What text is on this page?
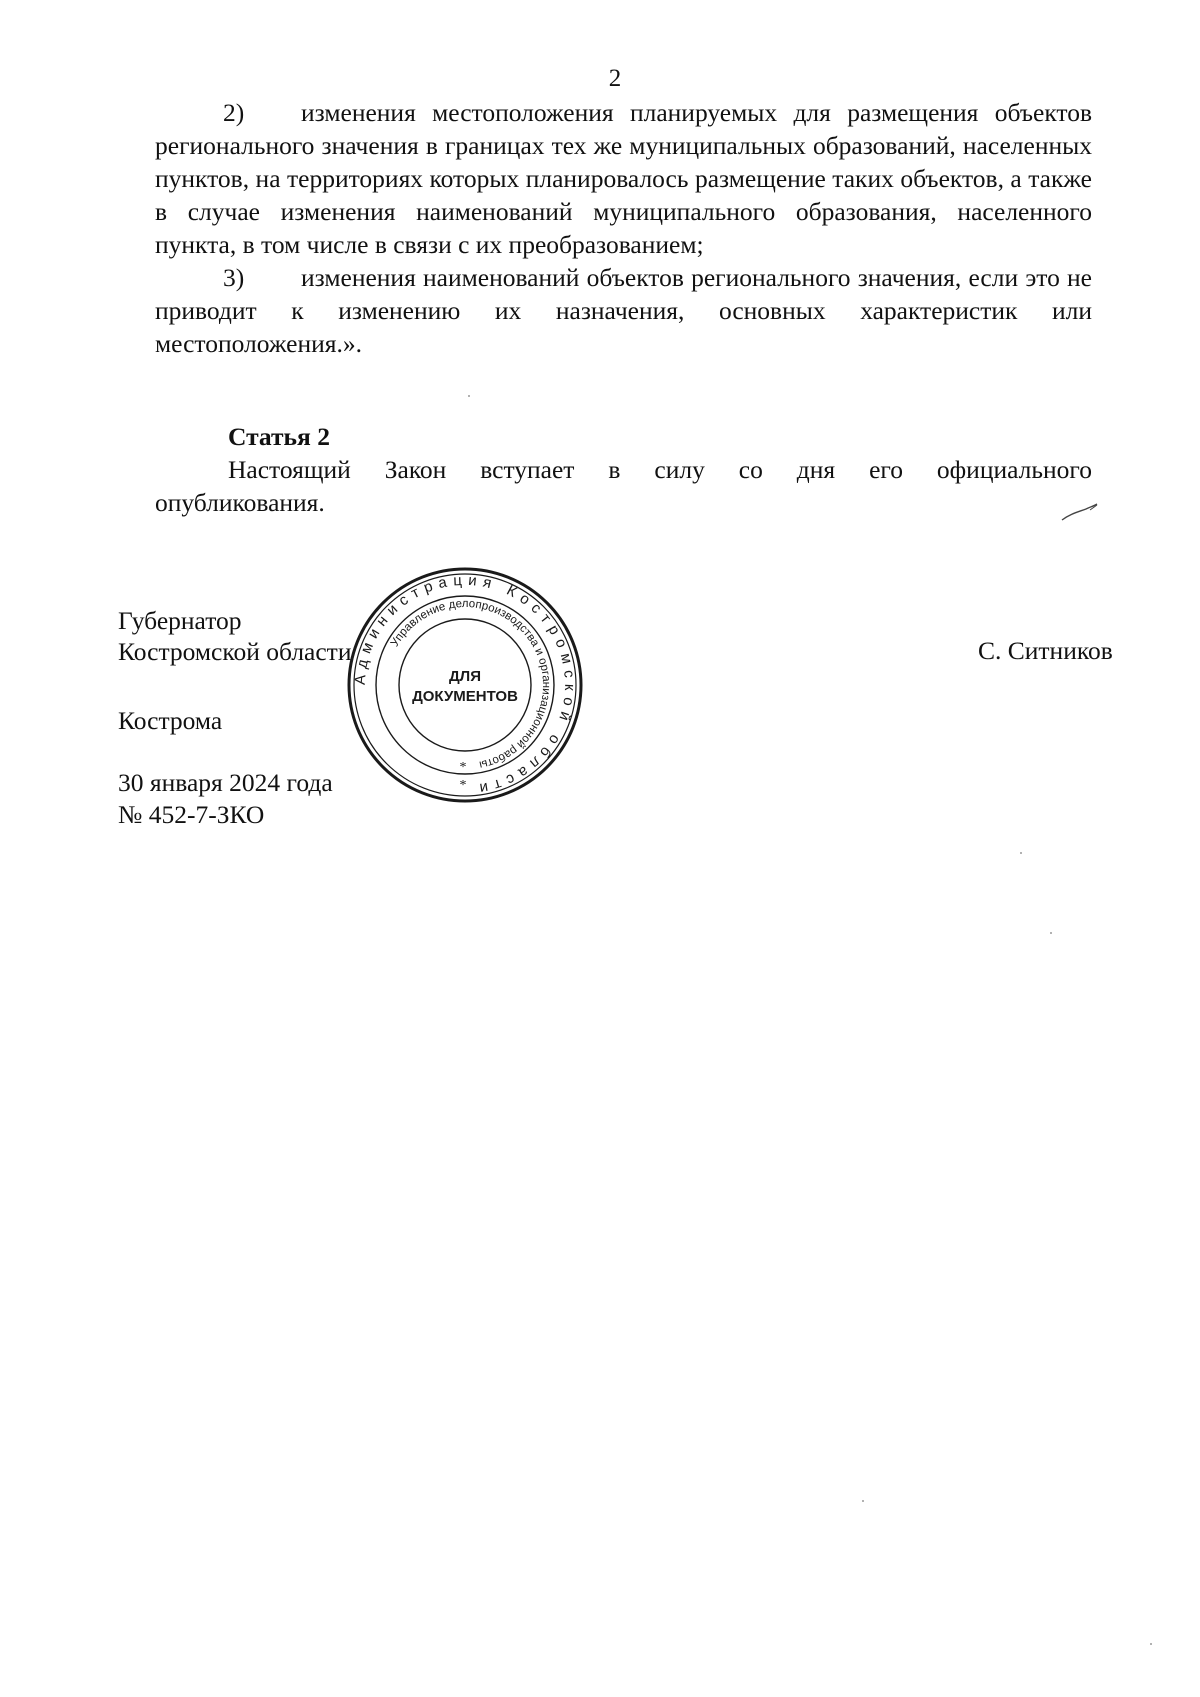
2

2) изменения местоположения планируемых для размещения объектов регионального значения в границах тех же муниципальных образований, населенных пунктов, на территориях которых планировалось размещение таких объектов, а также в случае изменения наименований муниципального образования, населенного пункта, в том числе в связи с их преобразованием;

3) изменения наименований объектов регионального значения, если это не приводит к изменению их назначения, основных характеристик или местоположения.».

Статья 2

Настоящий Закон вступает в силу со дня его официального опубликования.

Губернатор
Костромской области	С. Ситников
Кострома
30 января 2024 года
№ 452-7-ЗКО
Администрация Костромской области
Управление делопроизводства и организационной работы
ДЛЯ
ДОКУМЕНТОВ
*
*
